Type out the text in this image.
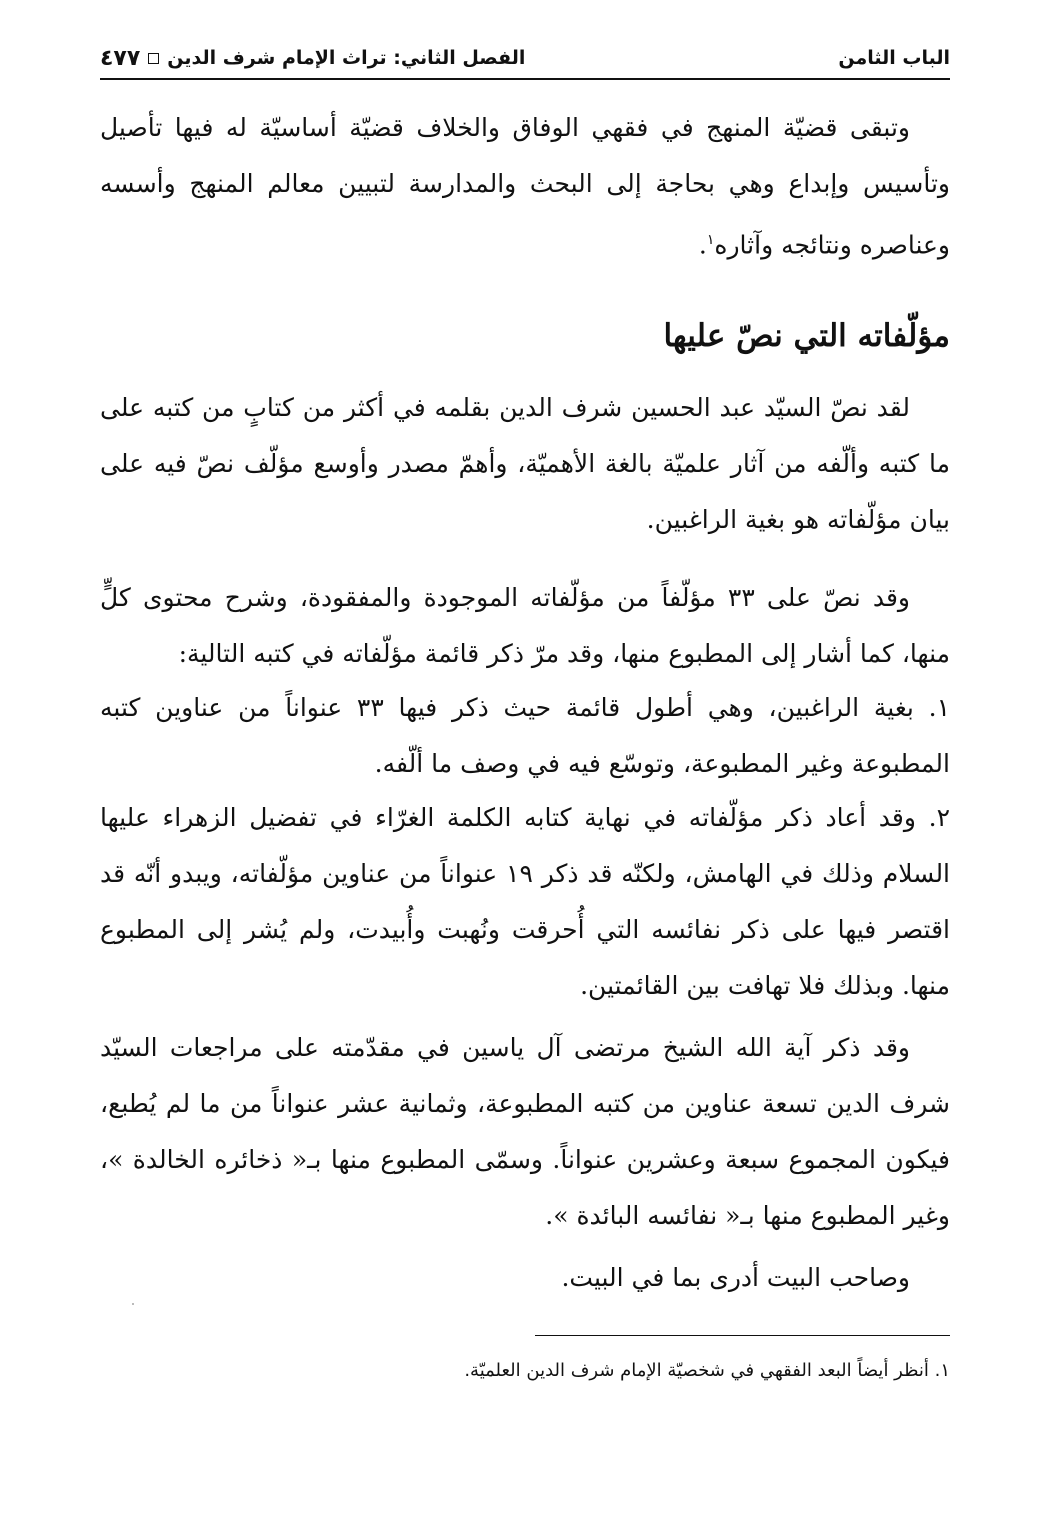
الباب الثامن
الفصل الثاني: تراث الإمام شرف الدين
٤٧٧

وتبقى قضيّة المنهج في فقهي الوفاق والخلاف قضيّة أساسيّة له فيها تأصيل وتأسيس وإبداع وهي بحاجة إلى البحث والمدارسة لتبيين معالم المنهج وأسسه وعناصره ونتائجه وآثاره$^١$.

مؤلّفاته التي نصّ عليها

لقد نصّ السيّد عبد الحسين شرف الدين بقلمه في أكثر من كتابٍ من كتبه على ما كتبه وألّفه من آثار علميّة بالغة الأهميّة، وأهمّ مصدر وأوسع مؤلّف نصّ فيه على بيان مؤلّفاته هو بغية الراغبين.

وقد نصّ على ٣٣ مؤلّفاً من مؤلّفاته الموجودة والمفقودة، وشرح محتوى كلٍّ منها، كما أشار إلى المطبوع منها، وقد مرّ ذكر قائمة مؤلّفاته في كتبه التالية:

١. بغية الراغبين، وهي أطول قائمة حيث ذكر فيها ٣٣ عنواناً من عناوين كتبه المطبوعة وغير المطبوعة، وتوسّع فيه في وصف ما ألّفه.

٢. وقد أعاد ذكر مؤلّفاته في نهاية كتابه الكلمة الغرّاء في تفضيل الزهراء عليها السلام وذلك في الهامش، ولكنّه قد ذكر ١٩ عنواناً من عناوين مؤلّفاته، ويبدو أنّه قد اقتصر فيها على ذكر نفائسه التي أُحرقت ونُهبت وأُبيدت، ولم يُشر إلى المطبوع منها. وبذلك فلا تهافت بين القائمتين.

وقد ذكر آية الله الشيخ مرتضى آل ياسين في مقدّمته على مراجعات السيّد شرف الدين تسعة عناوين من كتبه المطبوعة، وثمانية عشر عنواناً من ما لم يُطبع، فيكون المجموع سبعة وعشرين عنواناً. وسمّى المطبوع منها بـ« ذخائره الخالدة »، وغير المطبوع منها بـ« نفائسه البائدة ».

وصاحب البيت أدرى بما في البيت.

١. أنظر أيضاً البعد الفقهي في شخصيّة الإمام شرف الدين العلميّة.
